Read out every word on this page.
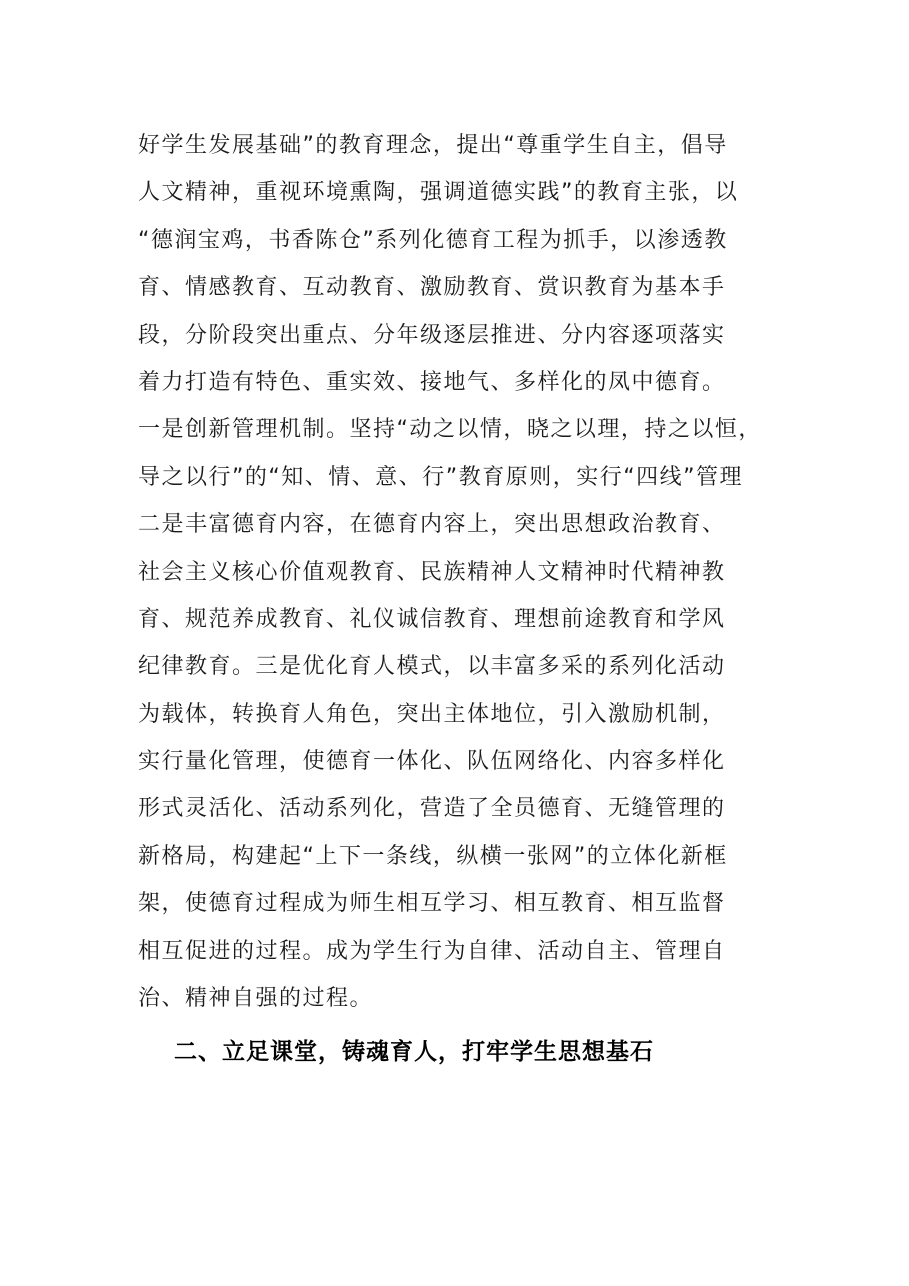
好学生发展基础”的教育理念，提出“尊重学生自主，倡导
人文精神，重视环境熏陶，强调道德实践”的教育主张，以
“德润宝鸡，书香陈仓”系列化德育工程为抓手，以渗透教
育、情感教育、互动教育、激励教育、赏识教育为基本手
段，分阶段突出重点、分年级逐层推进、分内容逐项落实
着力打造有特色、重实效、接地气、多样化的凤中德育。
一是创新管理机制。坚持“动之以情，晓之以理，持之以恒，
导之以行”的“知、情、意、行”教育原则，实行“四线”管理
二是丰富德育内容，在德育内容上，突出思想政治教育、
社会主义核心价值观教育、民族精神人文精神时代精神教
育、规范养成教育、礼仪诚信教育、理想前途教育和学风
纪律教育。三是优化育人模式，以丰富多采的系列化活动
为载体，转换育人角色，突出主体地位，引入激励机制，
实行量化管理，使德育一体化、队伍网络化、内容多样化
形式灵活化、活动系列化，营造了全员德育、无缝管理的
新格局，构建起“上下一条线，纵横一张网”的立体化新框
架，使德育过程成为师生相互学习、相互教育、相互监督
相互促进的过程。成为学生行为自律、活动自主、管理自
治、精神自强的过程。
二、立足课堂，铸魂育人，打牢学生思想基石
